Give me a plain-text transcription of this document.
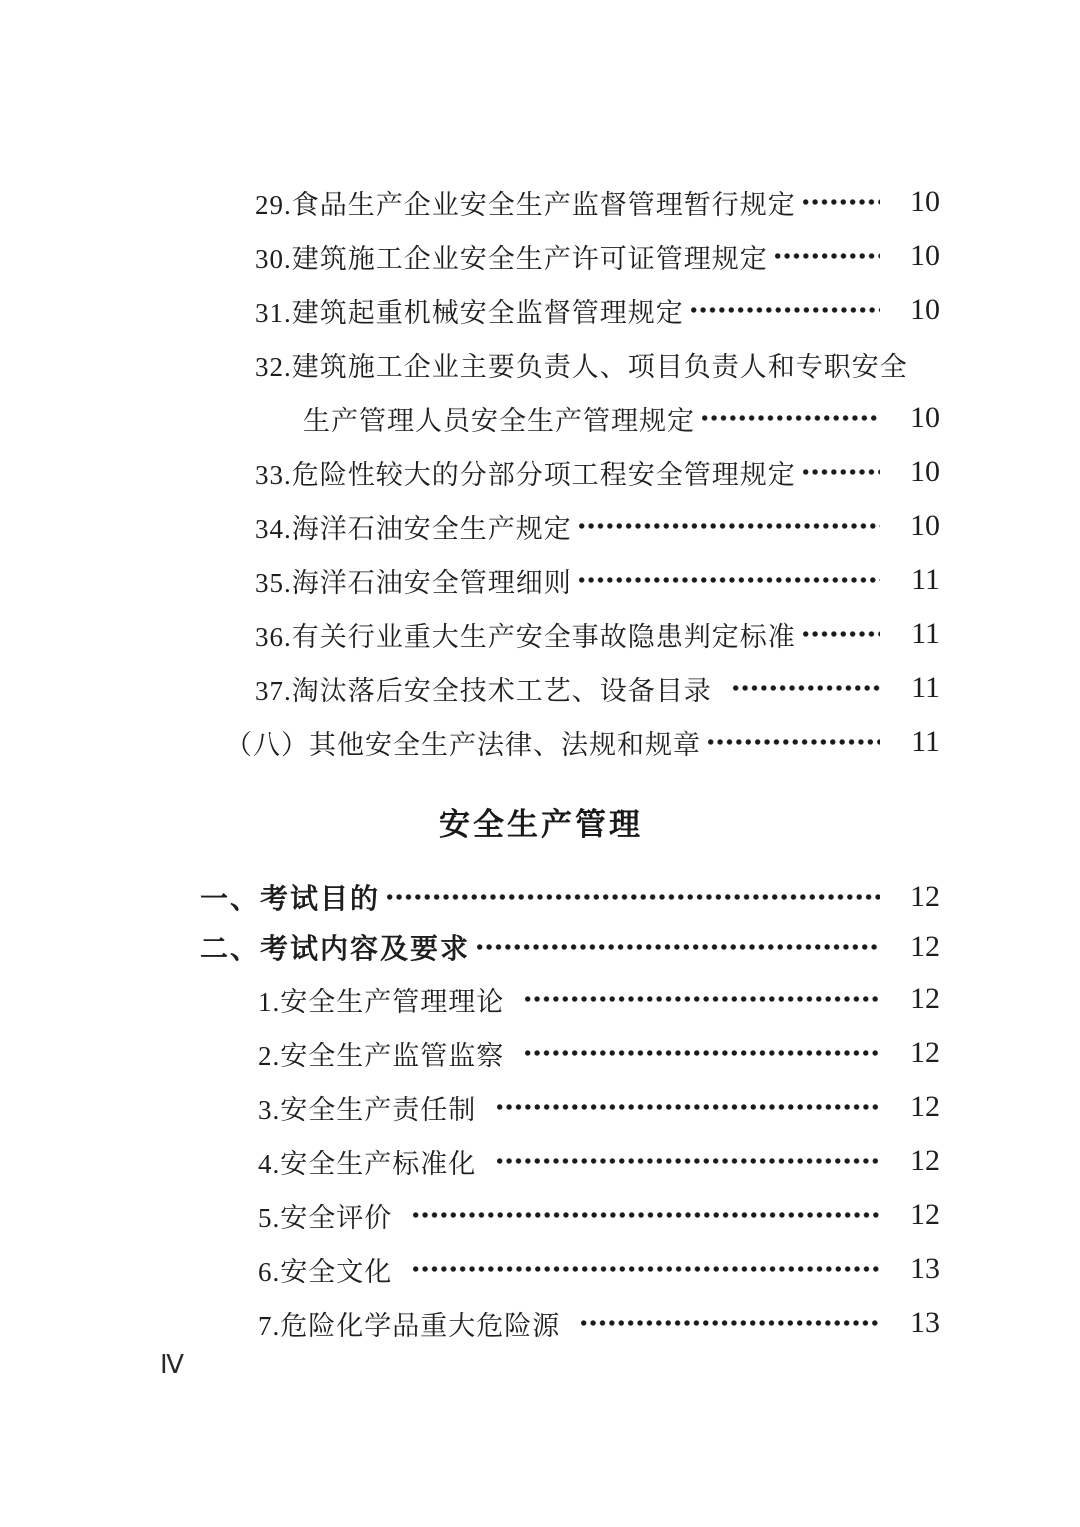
29.食品生产企业安全生产监督管理暂行规定	10
30.建筑施工企业安全生产许可证管理规定	10
31.建筑起重机械安全监督管理规定	10
32.建筑施工企业主要负责人、项目负责人和专职安全
生产管理人员安全生产管理规定	10
33.危险性较大的分部分项工程安全管理规定	10
34.海洋石油安全生产规定	10
35.海洋石油安全管理细则	11
36.有关行业重大生产安全事故隐患判定标准	11
37.淘汰落后安全技术工艺、设备目录	11
（八）其他安全生产法律、法规和规章	11
安全生产管理
一、考试目的	12
二、考试内容及要求	12
1.安全生产管理理论	12
2.安全生产监管监察	12
3.安全生产责任制	12
4.安全生产标准化	12
5.安全评价	12
6.安全文化	13
7.危险化学品重大危险源	13
Ⅳ
